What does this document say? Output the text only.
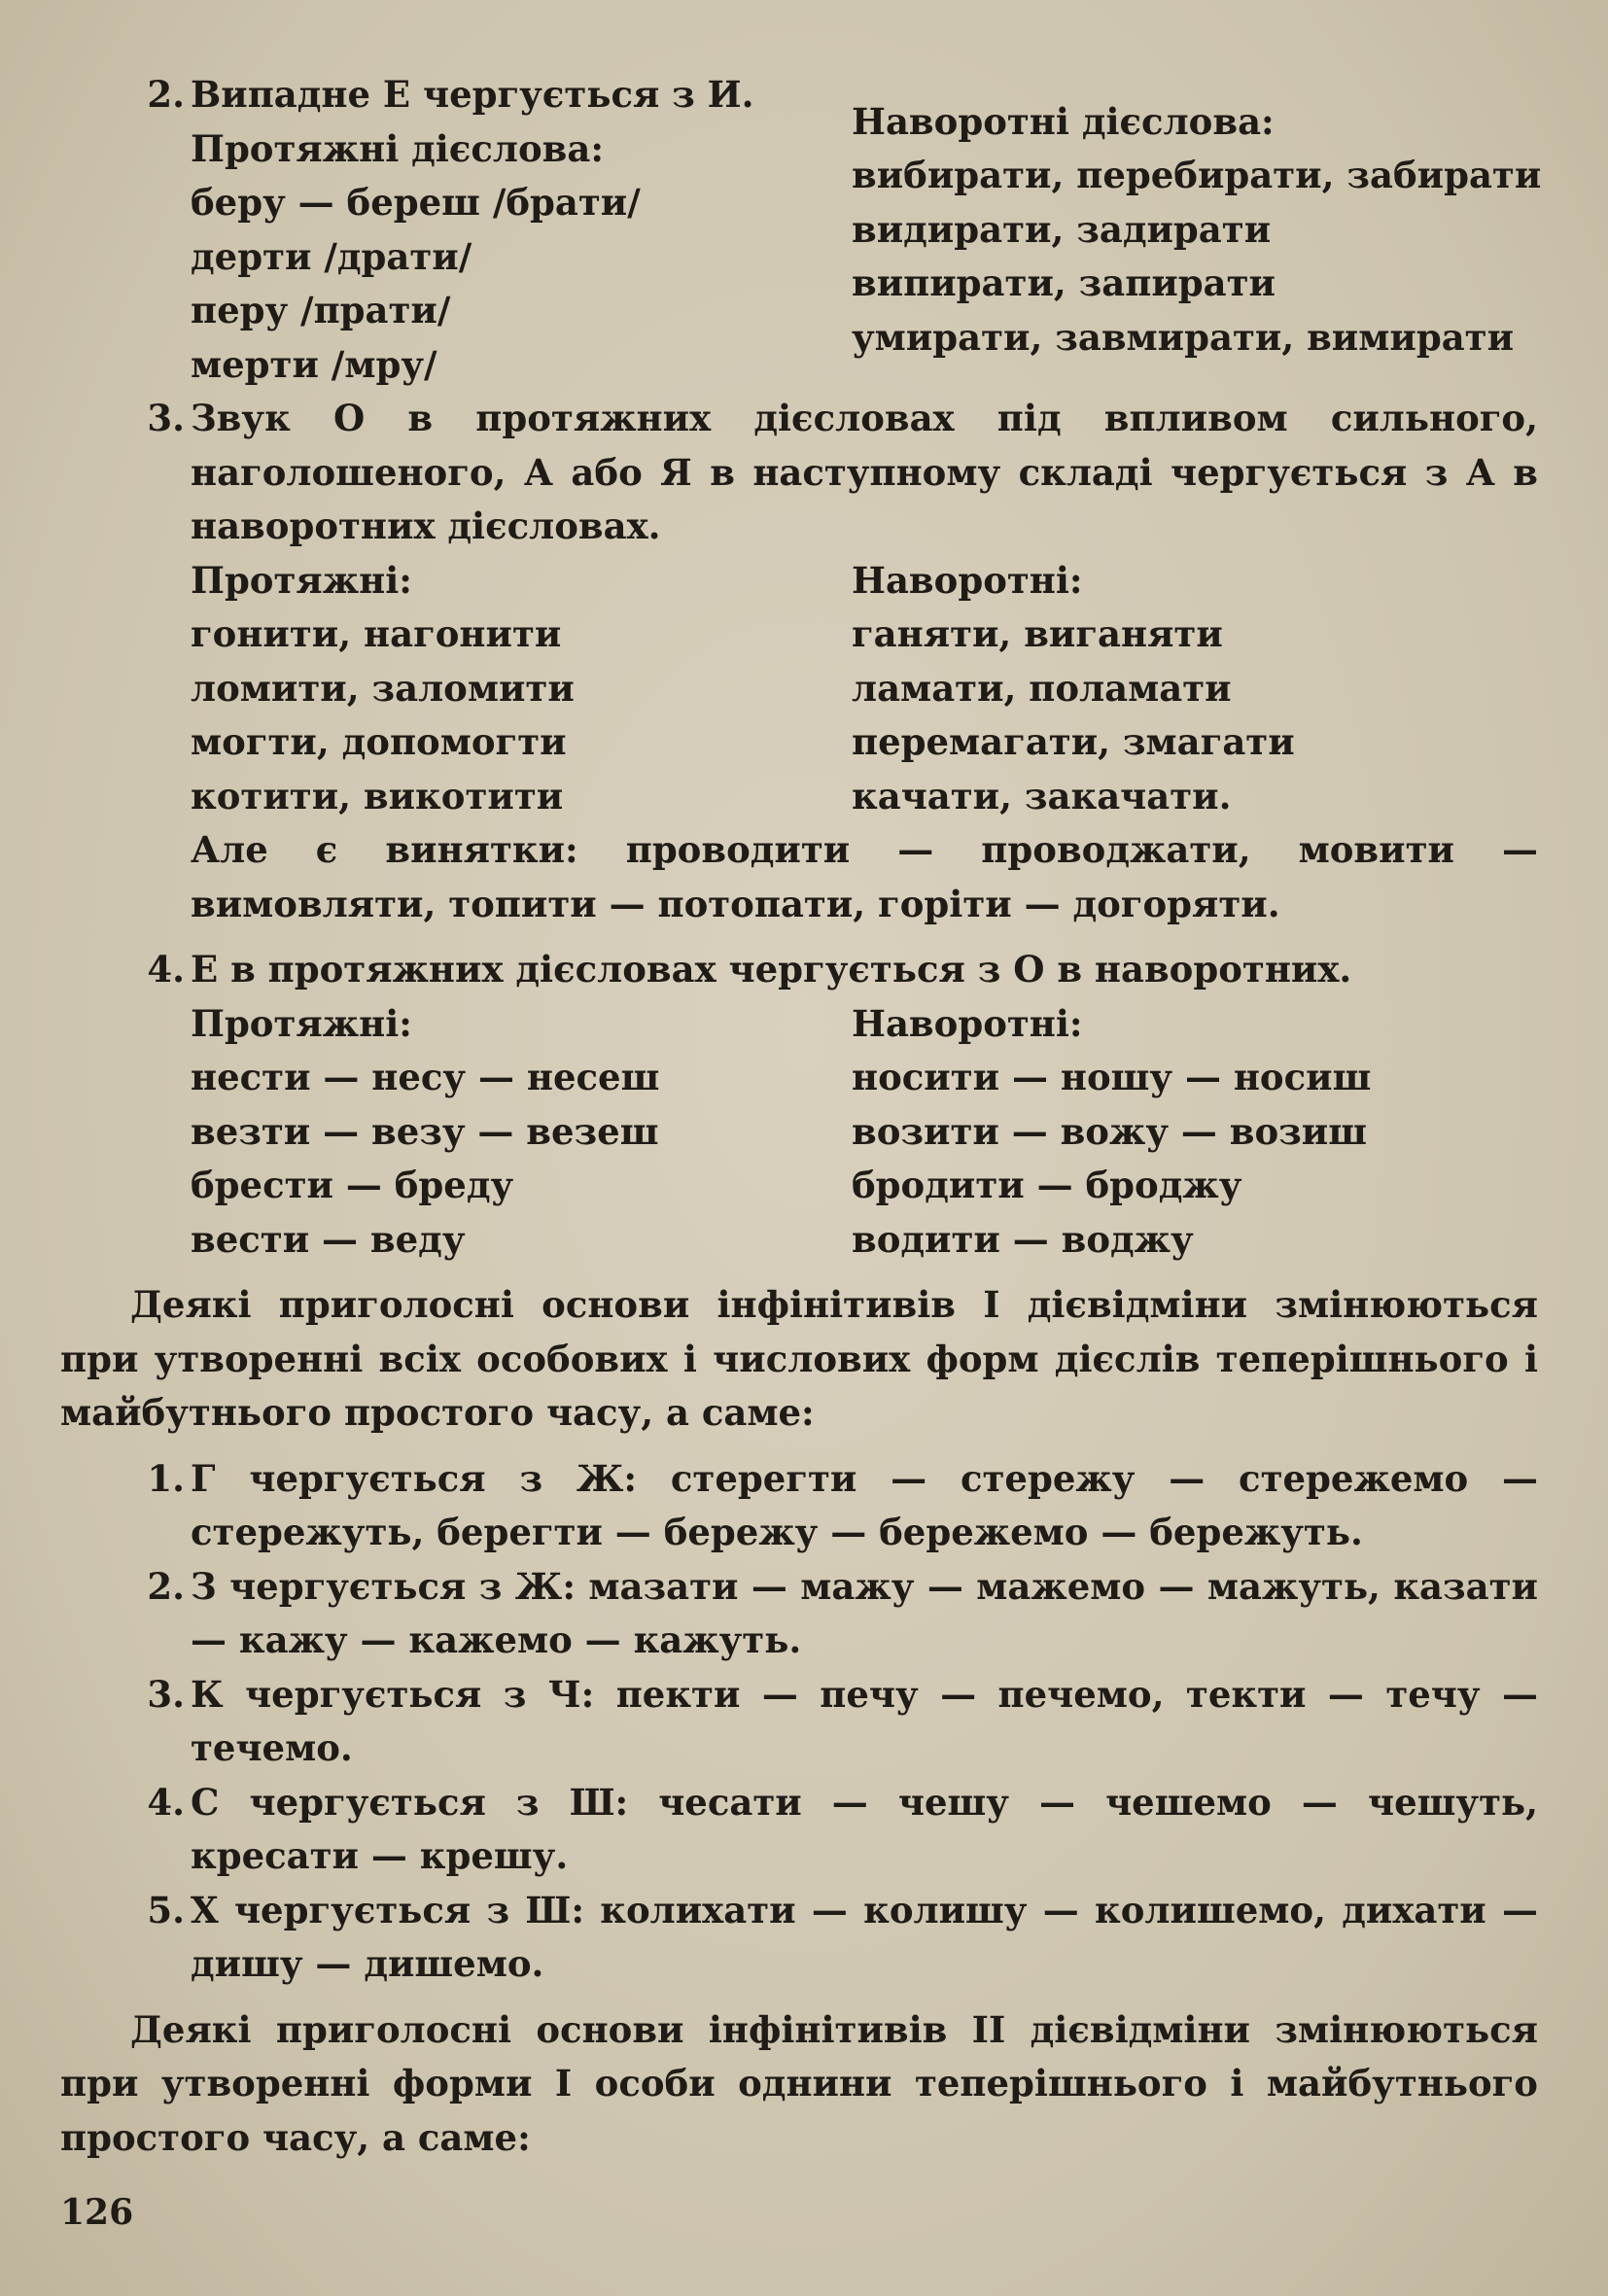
2. Випадне Е чергується з И.
Протяжні дієслова:
беру — береш /брати/
дерти /драти/
перу /прати/
мерти /мру/
Наворотні дієслова:
вибирати, перебирати, забирати
видирати, задирати
випирати, запирати
умирати, завмирати, вимирати
3. Звук О в протяжних дієсловах під впливом сильного, наголошеного, А або Я в наступному складі чергується з А в наворотних дієсловах.
Протяжні:
гонити, нагонити
ломити, заломити
могти, допомогти
котити, викотити
Наворотні:
ганяти, виганяти
ламати, поламати
перемагати, змагати
качати, закачати.
Але є винятки: проводити — проводжати, мовити — вимовляти, топити — потопати, горіти — догоряти.
4. Е в протяжних дієсловах чергується з О в наворотних.
Протяжні:
нести — несу — несеш
везти — везу — везеш
брести — бреду
вести — веду
Наворотні:
носити — ношу — носиш
возити — вожу — возиш
бродити — броджу
водити — воджу

Деякі приголосні основи інфінітивів І дієвідміни змінюються при утворенні всіх особових і числових форм дієслів теперішнього і майбутнього простого часу, а саме:

1. Г чергується з Ж: стерегти — стережу — стережемо — стережуть, берегти — бережу — бережемо — бережуть.
2. З чергується з Ж: мазати — мажу — мажемо — мажуть, казати — кажу — кажемо — кажуть.
3. К чергується з Ч: пекти — печу — печемо, текти — течу — течемо.
4. С чергується з Ш: чесати — чешу — чешемо — чешуть, кресати — крешу.
5. Х чергується з Ш: колихати — колишу — колишемо, дихати — дишу — дишемо.

Деякі приголосні основи інфінітивів II дієвідміни змінюються при утворенні форми І особи однини теперішнього і майбутнього простого часу, а саме:

126
